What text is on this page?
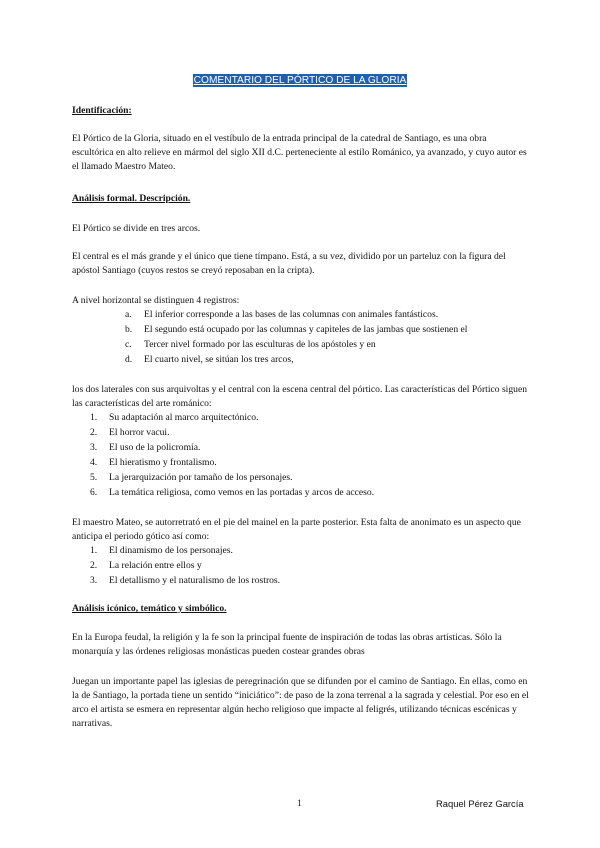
COMENTARIO DEL PÓRTICO DE LA GLORIA

Identificación:

El Pórtico de la Gloria, situado en el vestíbulo de la entrada principal de la catedral de Santiago, es una obra escultórica en alto relieve en mármol del siglo XII d.C. perteneciente al estilo Románico, ya avanzado, y cuyo autor es el llamado Maestro Mateo.

Análisis formal. Descripción.

El Pórtico se divide en tres arcos.

El central es el más grande y el único que tiene tímpano. Está, a su vez, dividido por un parteluz con la figura del apóstol Santiago (cuyos restos se creyó reposaban en la cripta).

A nivel horizontal se distinguen 4 registros:

a. El inferior corresponde a las bases de las columnas con animales fantásticos.
b. El segundo está ocupado por las columnas y capiteles de las jambas que sostienen el
c. Tercer nivel formado por las esculturas de los apóstoles y en
d. El cuarto nivel, se sitúan los tres arcos,

los dos laterales con sus arquivoltas y el central con la escena central del pórtico. Las características del Pórtico siguen las características del arte románico:

1. Su adaptación al marco arquitectónico.
2. El horror vacui.
3. El uso de la policromía.
4. El hieratismo y frontalismo.
5. La jerarquización por tamaño de los personajes.
6. La temática religiosa, como vemos en las portadas y arcos de acceso.

El maestro Mateo, se autorretrató en el pie del mainel en la parte posterior. Esta falta de anonimato es un aspecto que anticipa el periodo gótico así como:

1. El dinamismo de los personajes.
2. La relación entre ellos y
3. El detallismo y el naturalismo de los rostros.

Análisis icónico, temático y simbólico.

En la Europa feudal, la religión y la fe son la principal fuente de inspiración de todas las obras artísticas. Sólo la monarquía y las órdenes religiosas monásticas pueden costear grandes obras

Juegan un importante papel las iglesias de peregrinación que se difunden por el camino de Santiago. En ellas, como en la de Santiago, la portada tiene un sentido “iniciático”: de paso de la zona terrenal a la sagrada y celestial. Por eso en el arco el artista se esmera en representar algún hecho religioso que impacte al feligrés, utilizando técnicas escénicas y narrativas.

1	Raquel Pérez García
